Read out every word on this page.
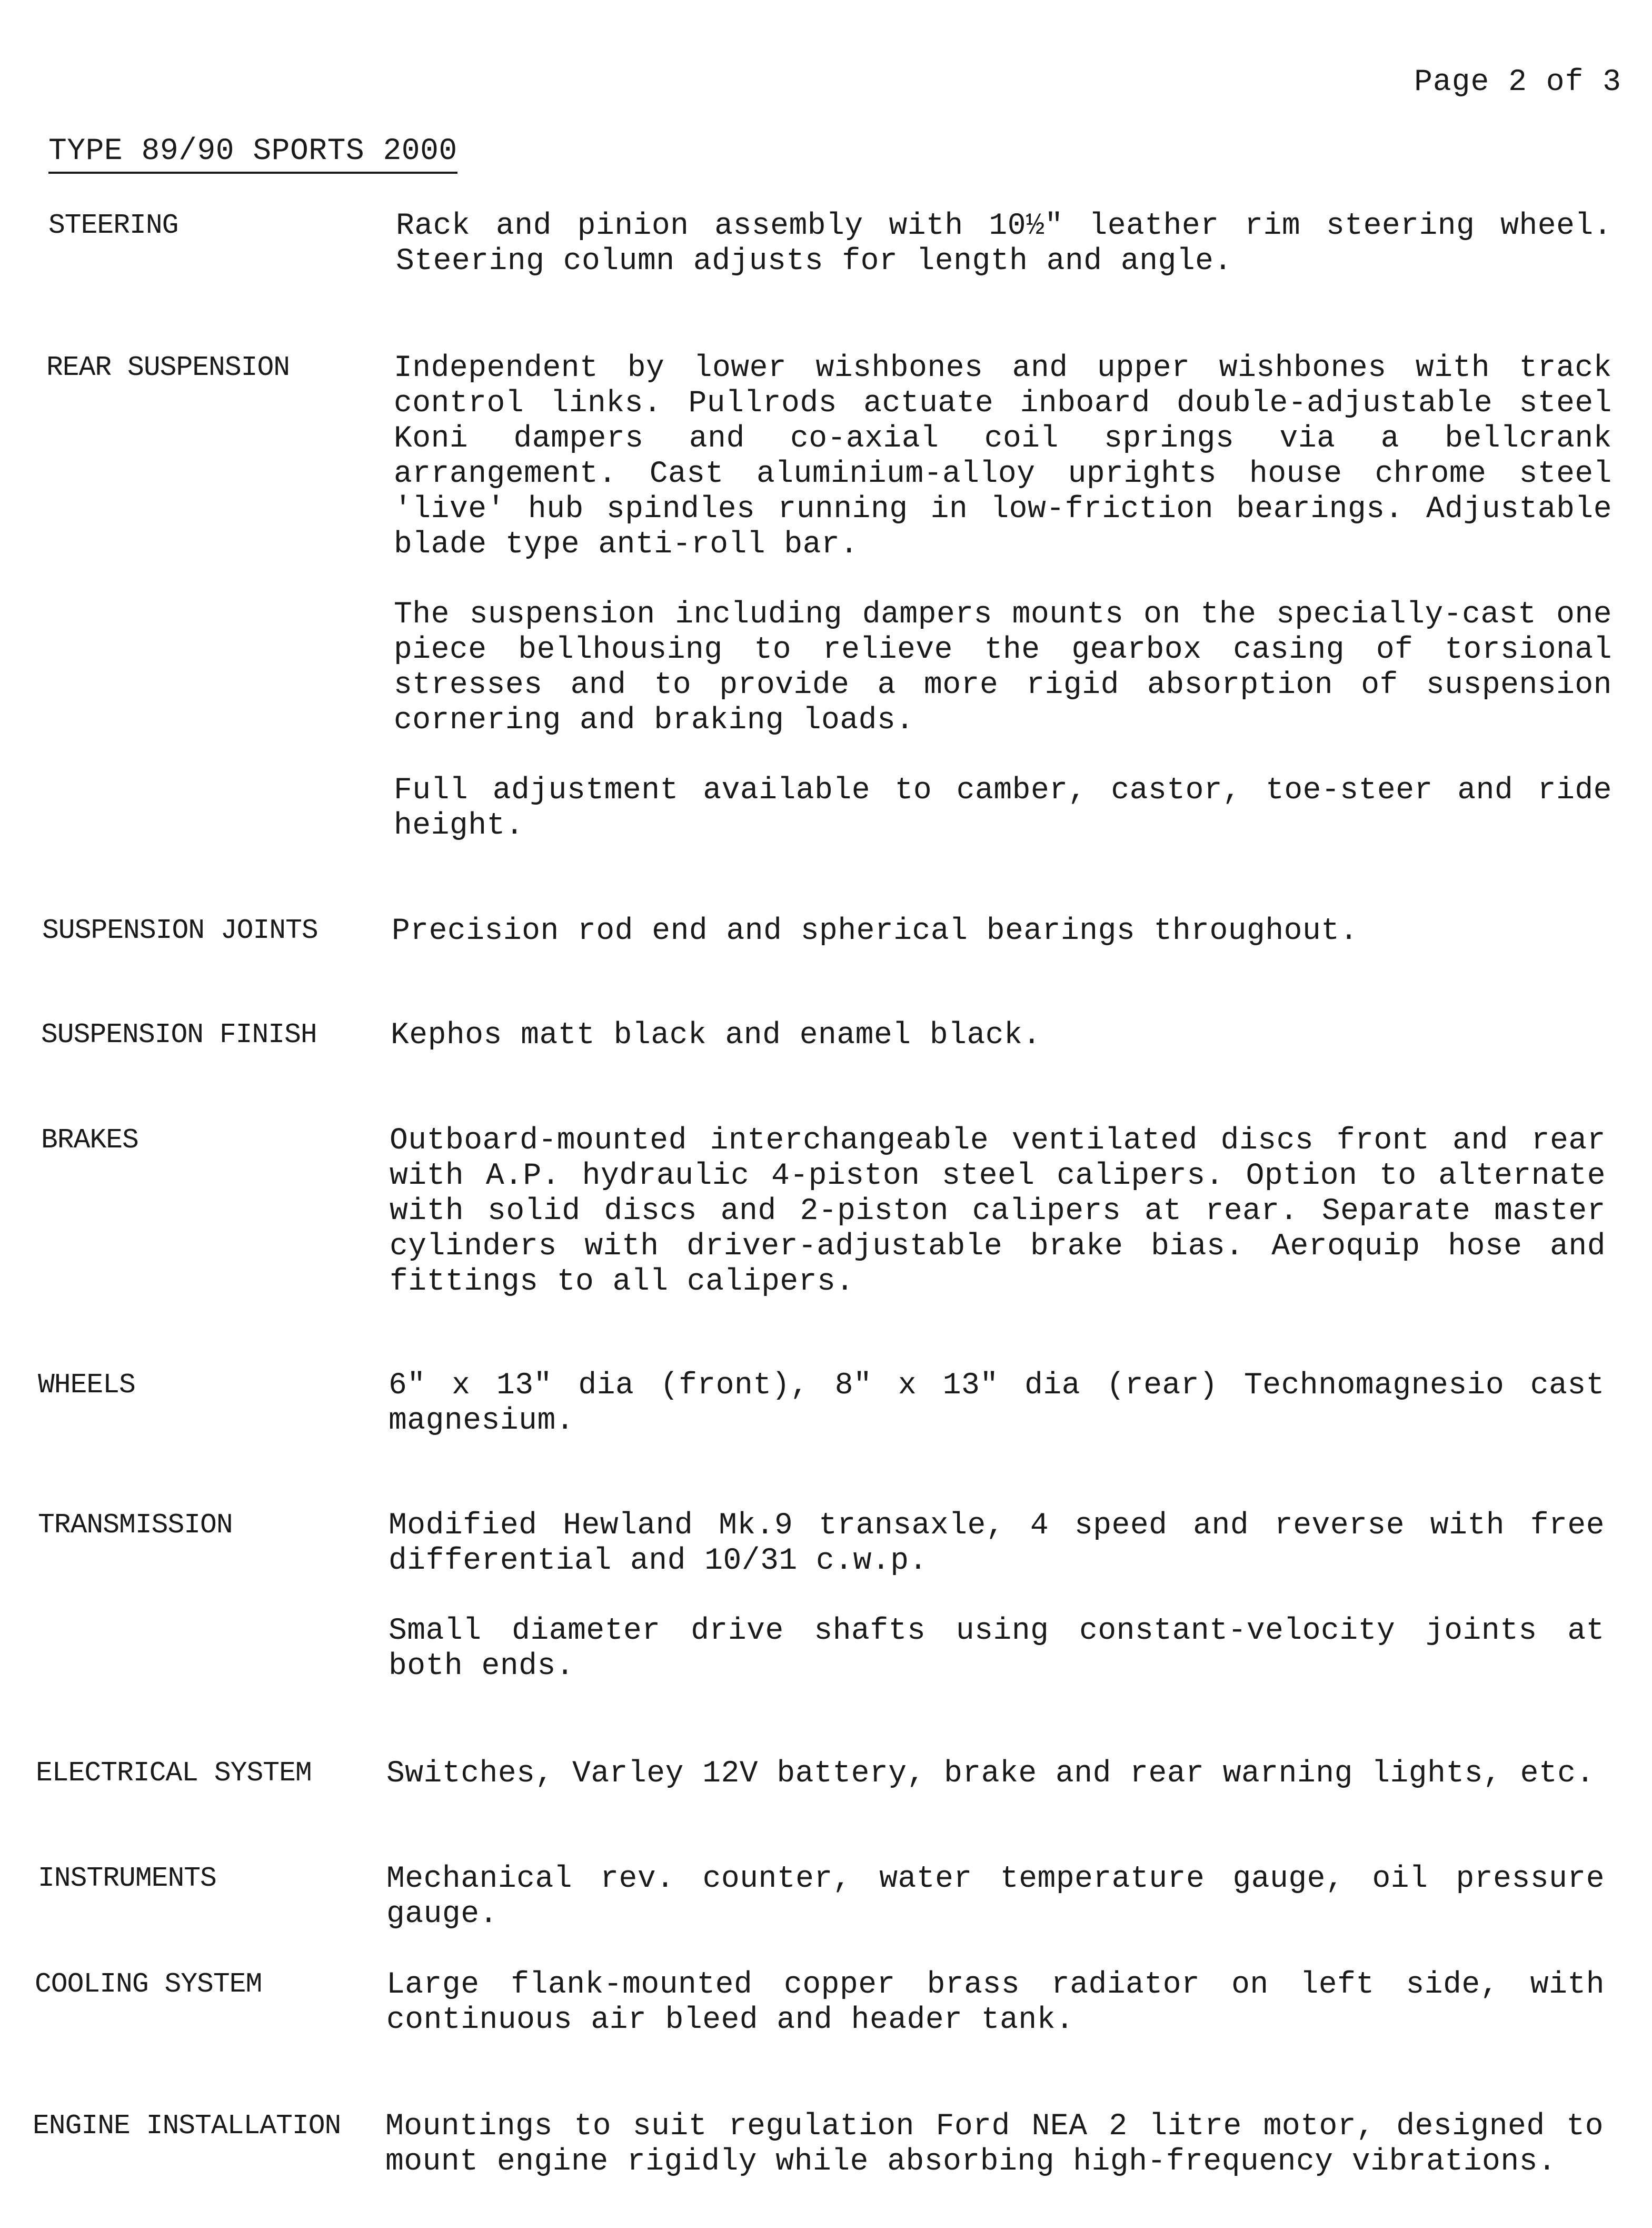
Page 2 of 3
TYPE 89/90 SPORTS 2000
STEERING	Rack and pinion assembly with 10½" leather rim steering wheel. Steering column adjusts for length and angle.

REAR SUSPENSION	Independent by lower wishbones and upper wishbones with track control links. Pullrods actuate inboard double-adjustable steel Koni dampers and co-axial coil springs via a bellcrank arrangement. Cast aluminium-alloy uprights house chrome steel 'live' hub spindles running in low-friction bearings. Adjustable blade type anti-roll bar.

The suspension including dampers mounts on the specially-cast one piece bellhousing to relieve the gearbox casing of torsional stresses and to provide a more rigid absorption of suspension cornering and braking loads.

Full adjustment available to camber, castor, toe-steer and ride height.

SUSPENSION JOINTS Precision rod end and spherical bearings throughout.

SUSPENSION FINISH Kephos matt black and enamel black.

BRAKES	Outboard-mounted interchangeable ventilated discs front and rear with A.P. hydraulic 4-piston steel calipers. Option to alternate with solid discs and 2-piston calipers at rear. Separate master cylinders with driver-adjustable brake bias. Aeroquip hose and fittings to all calipers.

WHEELS	6" x 13" dia (front), 8" x 13" dia (rear) Technomagnesio cast magnesium.

TRANSMISSION	Modified Hewland Mk.9 transaxle, 4 speed and reverse with free differential and 10/31 c.w.p.

Small diameter drive shafts using constant-velocity joints at both ends.

ELECTRICAL SYSTEM Switches, Varley 12V battery, brake and rear warning lights, etc.

INSTRUMENTS	Mechanical rev. counter, water temperature gauge, oil pressure gauge.

COOLING SYSTEM	Large flank-mounted copper brass radiator on left side, with continuous air bleed and header tank.

ENGINE INSTALLATION Mountings to suit regulation Ford NEA 2 litre motor, designed to mount engine rigidly while absorbing high-frequency vibrations.
